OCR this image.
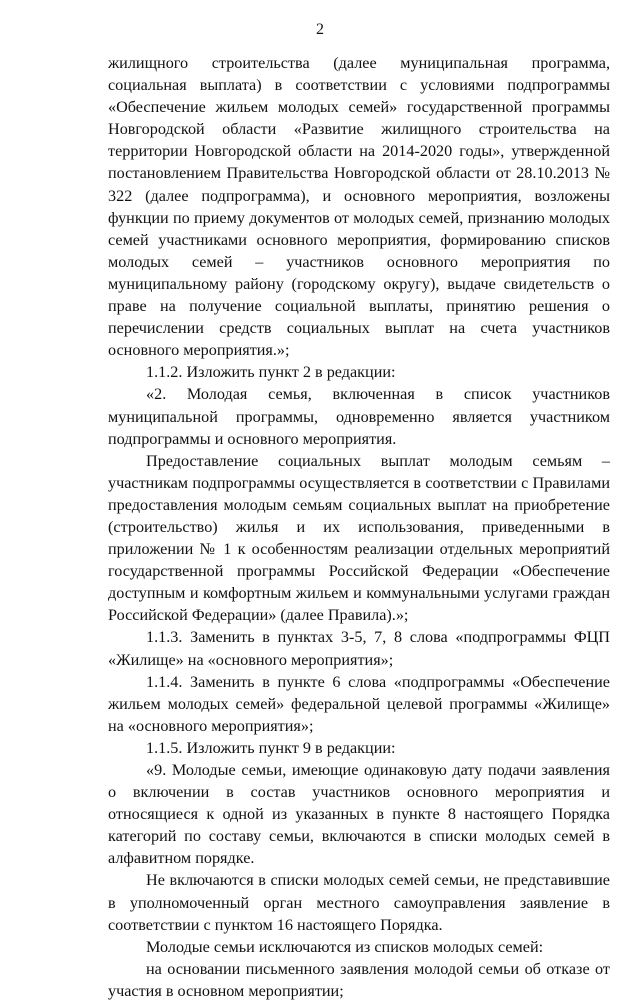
2

жилищного строительства (далее муниципальная программа, социальная выплата) в соответствии с условиями подпрограммы «Обеспечение жильем молодых семей» государственной программы Новгородской области «Развитие жилищного строительства на территории Новгородской области на 2014-2020 годы», утвержденной постановлением Правительства Новгородской области от 28.10.2013 № 322 (далее подпрограмма), и основного мероприятия, возложены функции по приему документов от молодых семей, признанию молодых семей участниками основного мероприятия, формированию списков молодых семей – участников основного мероприятия по муниципальному району (городскому округу), выдаче свидетельств о праве на получение социальной выплаты, принятию решения о перечислении средств социальных выплат на счета участников основного мероприятия.»;

1.1.2. Изложить пункт 2 в редакции:

«2. Молодая семья, включенная в список участников муниципальной программы, одновременно является участником подпрограммы и основного мероприятия.

Предоставление социальных выплат молодым семьям – участникам подпрограммы осуществляется в соответствии с Правилами предоставления молодым семьям социальных выплат на приобретение (строительство) жилья и их использования, приведенными в приложении № 1 к особенностям реализации отдельных мероприятий государственной программы Российской Федерации «Обеспечение доступным и комфортным жильем и коммунальными услугами граждан Российской Федерации» (далее Правила).»;

1.1.3. Заменить в пунктах 3-5, 7, 8 слова «подпрограммы ФЦП «Жилище» на «основного мероприятия»;

1.1.4. Заменить в пункте 6 слова «подпрограммы «Обеспечение жильем молодых семей» федеральной целевой программы «Жилище» на «основного мероприятия»;

1.1.5. Изложить пункт 9 в редакции:

«9. Молодые семьи, имеющие одинаковую дату подачи заявления о включении в состав участников основного мероприятия и относящиеся к одной из указанных в пункте 8 настоящего Порядка категорий по составу семьи, включаются в списки молодых семей в алфавитном порядке.

Не включаются в списки молодых семей семьи, не представившие в уполномоченный орган местного самоуправления заявление в соответствии с пунктом 16 настоящего Порядка.

Молодые семьи исключаются из списков молодых семей:

на основании письменного заявления молодой семьи об отказе от участия в основном мероприятии;
